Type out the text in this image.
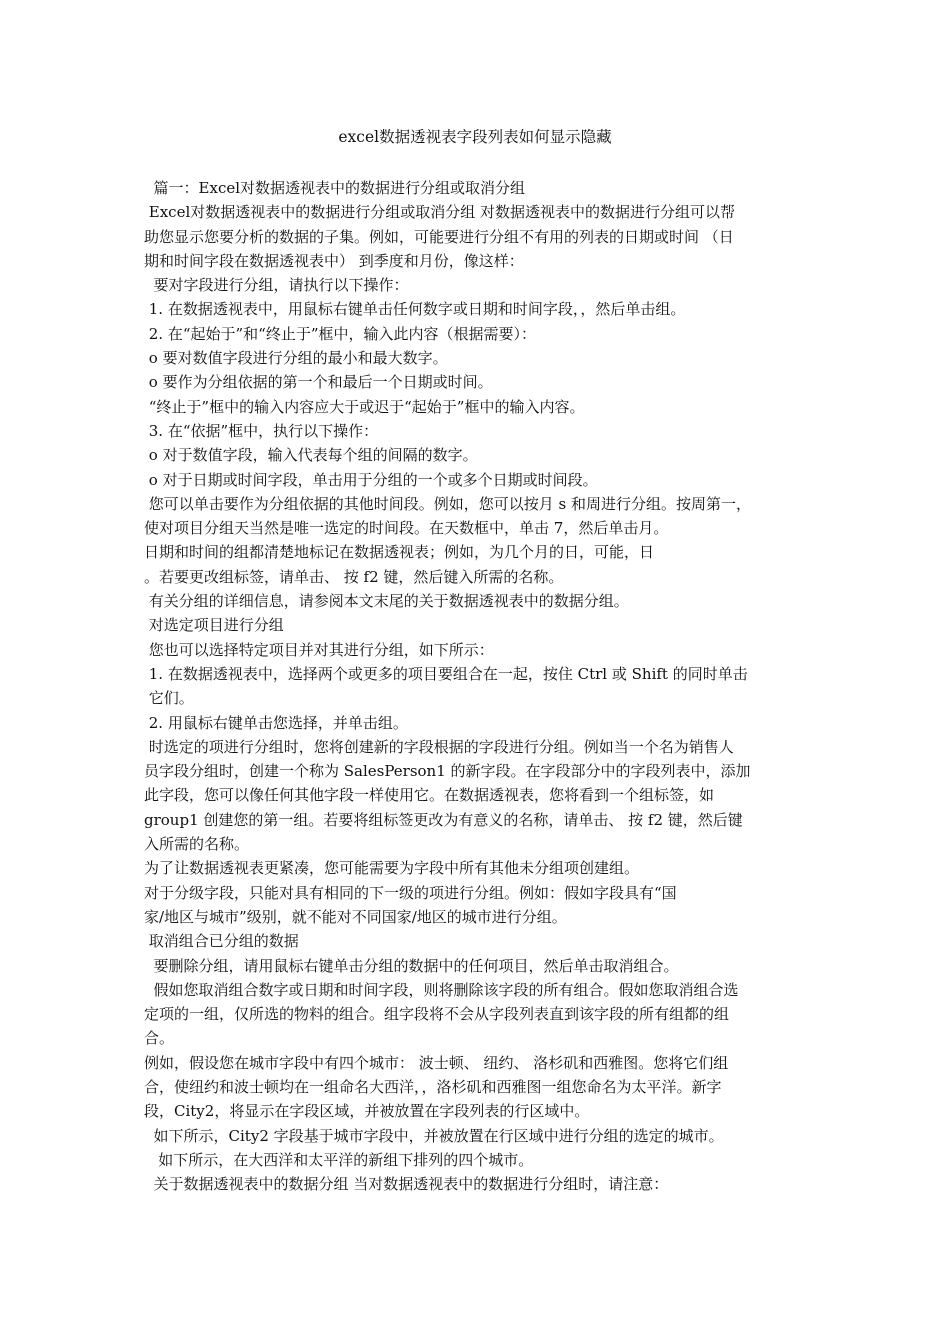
excel数据透视表字段列表如何显示隐藏
篇一：Excel对数据透视表中的数据进行分组或取消分组
Excel对数据透视表中的数据进行分组或取消分组 对数据透视表中的数据进行分组可以帮
助您显示您要分析的数据的子集。例如，可能要进行分组不有用的列表的日期或时间 （日
期和时间字段在数据透视表中） 到季度和月份，像这样：
要对字段进行分组，请执行以下操作：
1. 在数据透视表中，用鼠标右键单击任何数字或日期和时间字段，，然后单击组。
2. 在“起始于”和“终止于”框中，输入此内容（根据需要）：
o 要对数值字段进行分组的最小和最大数字。
o 要作为分组依据的第一个和最后一个日期或时间。
“终止于”框中的输入内容应大于或迟于“起始于”框中的输入内容。
3. 在“依据”框中，执行以下操作：
o 对于数值字段，输入代表每个组的间隔的数字。
o 对于日期或时间字段，单击用于分组的一个或多个日期或时间段。
您可以单击要作为分组依据的其他时间段。例如，您可以按月 s 和周进行分组。按周第一，
使对项目分组天当然是唯一选定的时间段。在天数框中，单击 7，然后单击月。
日期和时间的组都清楚地标记在数据透视表；例如，为几个月的日，可能，日
。若要更改组标签，请单击、 按 f2 键，然后键入所需的名称。
有关分组的详细信息，请参阅本文末尾的关于数据透视表中的数据分组。
对选定项目进行分组
您也可以选择特定项目并对其进行分组，如下所示：
1. 在数据透视表中，选择两个或更多的项目要组合在一起，按住 Ctrl 或 Shift 的同时单击
它们。
2. 用鼠标右键单击您选择，并单击组。
时选定的项进行分组时，您将创建新的字段根据的字段进行分组。例如当一个名为销售人
员字段分组时，创建一个称为 SalesPerson1 的新字段。在字段部分中的字段列表中，添加
此字段，您可以像任何其他字段一样使用它。在数据透视表，您将看到一个组标签，如
group1 创建您的第一组。若要将组标签更改为有意义的名称，请单击、 按 f2 键，然后键
入所需的名称。
为了让数据透视表更紧凑，您可能需要为字段中所有其他未分组项创建组。
对于分级字段，只能对具有相同的下一级的项进行分组。例如：假如字段具有“国
家/地区与城市”级别，就不能对不同国家/地区的城市进行分组。
取消组合已分组的数据
要删除分组，请用鼠标右键单击分组的数据中的任何项目，然后单击取消组合。
假如您取消组合数字或日期和时间字段，则将删除该字段的所有组合。假如您取消组合选
定项的一组，仅所选的物料的组合。组字段将不会从字段列表直到该字段的所有组都的组
合。
例如，假设您在城市字段中有四个城市： 波士顿、 纽约、 洛杉矶和西雅图。您将它们组
合，使纽约和波士顿均在一组命名大西洋，，洛杉矶和西雅图一组您命名为太平洋。新字
段，City2，将显示在字段区域，并被放置在字段列表的行区域中。
如下所示，City2 字段基于城市字段中，并被放置在行区域中进行分组的选定的城市。
如下所示，在大西洋和太平洋的新组下排列的四个城市。
关于数据透视表中的数据分组 当对数据透视表中的数据进行分组时，请注意：
